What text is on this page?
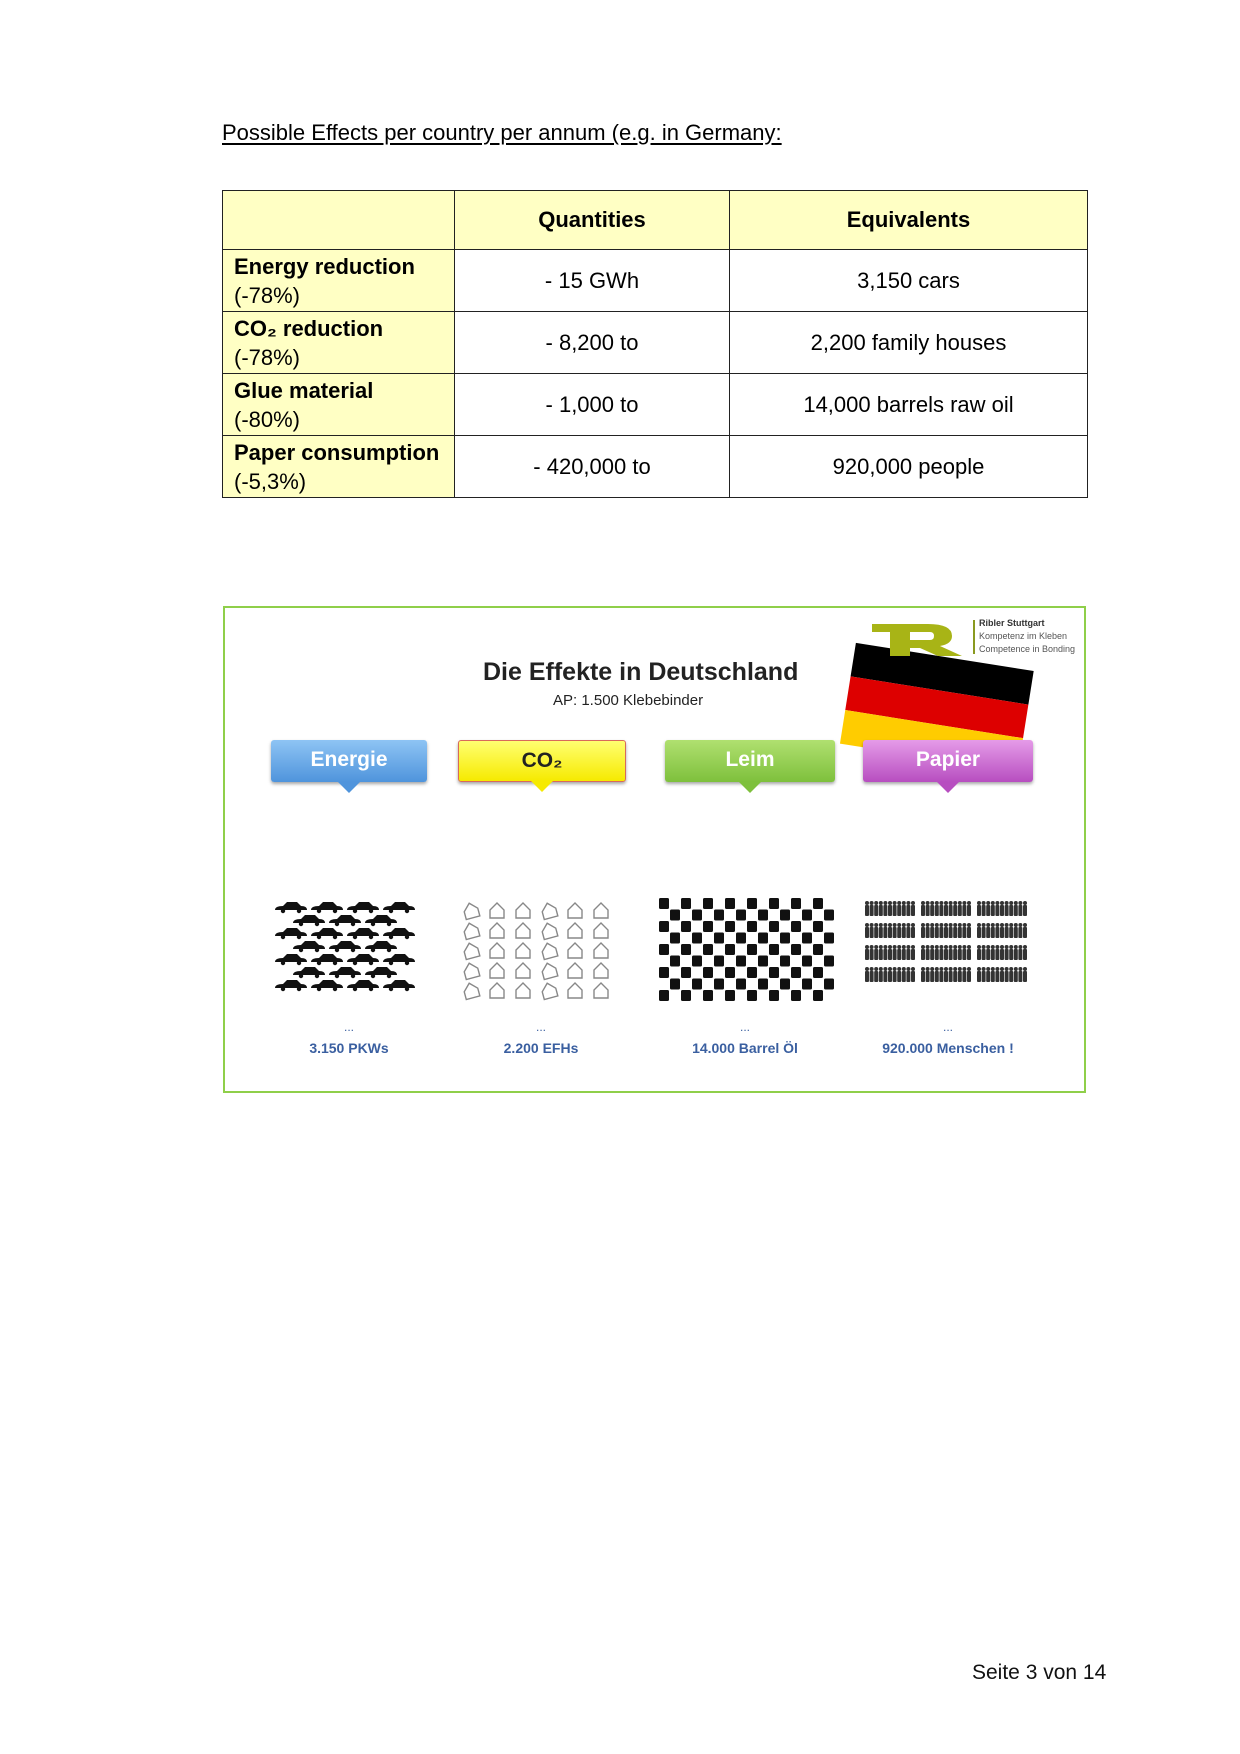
Possible Effects per country per annum (e.g. in Germany:
	Quantities	Equivalents

Energy reduction
(-78%)	- 15 GWh	3,150 cars

CO₂ reduction
(-78%)	- 8,200 to	2,200 family houses

Glue material
(-80%)	- 1,000 to	14,000 barrels raw oil

Paper consumption
(-5,3%)	- 420,000 to	920,000 people
Ribler Stuttgart
Kompetenz im Kleben
Competence in Bonding
Die Effekte in Deutschland
AP: 1.500 Klebebinder
Energie	CO₂	Leim	Papier
...	...	...	...
3.150 PKWs	2.200 EFHs	14.000 Barrel Öl	920.000 Menschen !
Seite 3 von 14
